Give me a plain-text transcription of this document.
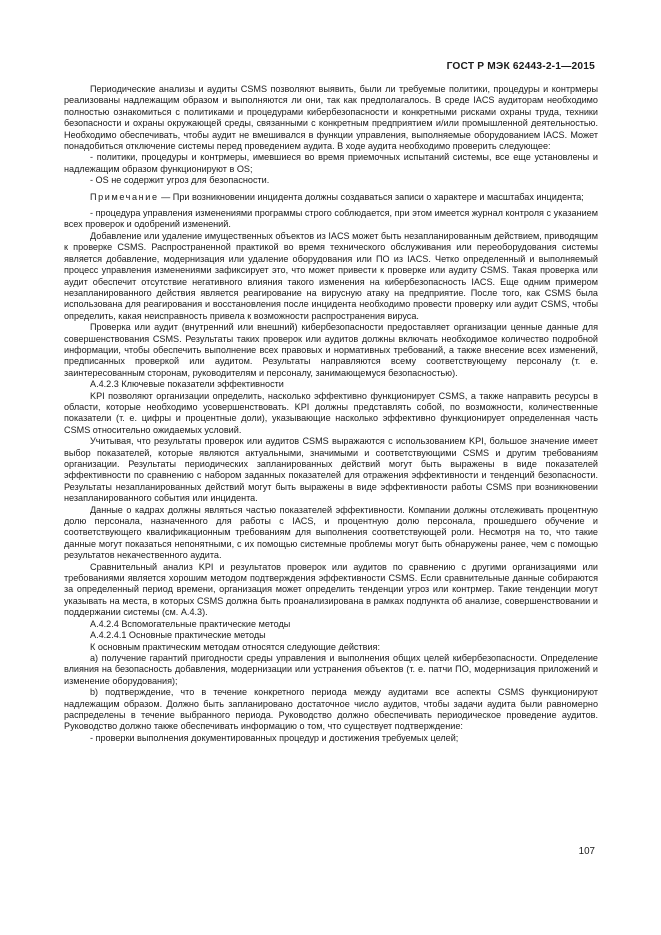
ГОСТ Р МЭК 62443-2-1—2015

Периодические анализы и аудиты CSMS позволяют выявить, были ли требуемые политики, процедуры и контрмеры реализованы надлежащим образом и выполняются ли они, так как предполагалось. В среде IACS аудиторам необходимо полностью ознакомиться с политиками и процедурами кибербезопасности и конкретными рисками охраны труда, техники безопасности и охраны окружающей среды, связанными с конкретным предприятием и/или промышленной деятельностью. Необходимо обеспечивать, чтобы аудит не вмешивался в функции управления, выполняемые оборудованием IACS. Может понадобиться отключение системы перед проведением аудита. В ходе аудита необходимо проверить следующее:

- политики, процедуры и контрмеры, имевшиеся во время приемочных испытаний системы, все еще установлены и надлежащим образом функционируют в OS;

- OS не содержит угроз для безопасности.

Примечание — При возникновении инцидента должны создаваться записи о характере и масштабах инцидента;

- процедура управления изменениями программы строго соблюдается, при этом имеется журнал контроля с указанием всех проверок и одобрений изменений.

Добавление или удаление имущественных объектов из IACS может быть незапланированным действием, приводящим к проверке CSMS. Распространенной практикой во время технического обслуживания или переоборудования системы является добавление, модернизация или удаление оборудования или ПО из IACS. Четко определенный и выполняемый процесс управления изменениями зафиксирует это, что может привести к проверке или аудиту CSMS. Такая проверка или аудит обеспечит отсутствие негативного влияния такого изменения на кибербезопасность IACS. Еще одним примером незапланированного действия является реагирование на вирусную атаку на предприятие. После того, как CSMS была использована для реагирования и восстановления после инцидента необходимо провести проверку или аудит CSMS, чтобы определить, какая неисправность привела к возможности распространения вируса.

Проверка или аудит (внутренний или внешний) кибербезопасности предоставляет организации ценные данные для совершенствования CSMS. Результаты таких проверок или аудитов должны включать необходимое количество подробной информации, чтобы обеспечить выполнение всех правовых и нормативных требований, а также внесение всех изменений, предписанных проверкой или аудитом. Результаты направляются всему соответствующему персоналу (т. е. заинтересованным сторонам, руководителям и персоналу, занимающемуся безопасностью).

А.4.2.3 Ключевые показатели эффективности

KPI позволяют организации определить, насколько эффективно функционирует CSMS, а также направить ресурсы в области, которые необходимо усовершенствовать. KPI должны представлять собой, по возможности, количественные показатели (т. е. цифры и процентные доли), указывающие насколько эффективно функционирует определенная часть CSMS относительно ожидаемых условий.

Учитывая, что результаты проверок или аудитов CSMS выражаются с использованием KPI, большое значение имеет выбор показателей, которые являются актуальными, значимыми и соответствующими CSMS и другим требованиям организации. Результаты периодических запланированных действий могут быть выражены в виде показателей эффективности по сравнению с набором заданных показателей для отражения эффективности и тенденций безопасности. Результаты незапланированных действий могут быть выражены в виде эффективности работы CSMS при возникновении незапланированного события или инцидента.

Данные о кадрах должны являться частью показателей эффективности. Компании должны отслеживать процентную долю персонала, назначенного для работы с IACS, и процентную долю персонала, прошедшего обучение и соответствующего квалификационным требованиям для выполнения соответствующей роли. Несмотря на то, что такие данные могут показаться непонятными, с их помощью системные проблемы могут быть обнаружены ранее, чем с помощью результатов некачественного аудита.

Сравнительный анализ KPI и результатов проверок или аудитов по сравнению с другими организациями или требованиями является хорошим методом подтверждения эффективности CSMS. Если сравнительные данные собираются за определенный период времени, организация может определить тенденции угроз или контрмер. Такие тенденции могут указывать на места, в которых CSMS должна быть проанализирована в рамках подпункта об анализе, совершенствовании и поддержании системы (см. А.4.3).

А.4.2.4 Вспомогательные практические методы

А.4.2.4.1 Основные практические методы

К основным практическим методам относятся следующие действия:

а) получение гарантий пригодности среды управления и выполнения общих целей кибербезопасности. Определение влияния на безопасность добавления, модернизации или устранения объектов (т. е. патчи ПО, модернизация приложений и изменение оборудования);

b) подтверждение, что в течение конкретного периода между аудитами все аспекты CSMS функционируют надлежащим образом. Должно быть запланировано достаточное число аудитов, чтобы задачи аудита были равномерно распределены в течение выбранного периода. Руководство должно обеспечивать периодическое проведение аудитов. Руководство должно также обеспечивать информацию о том, что существует подтверждение:

- проверки выполнения документированных процедур и достижения требуемых целей;

107
